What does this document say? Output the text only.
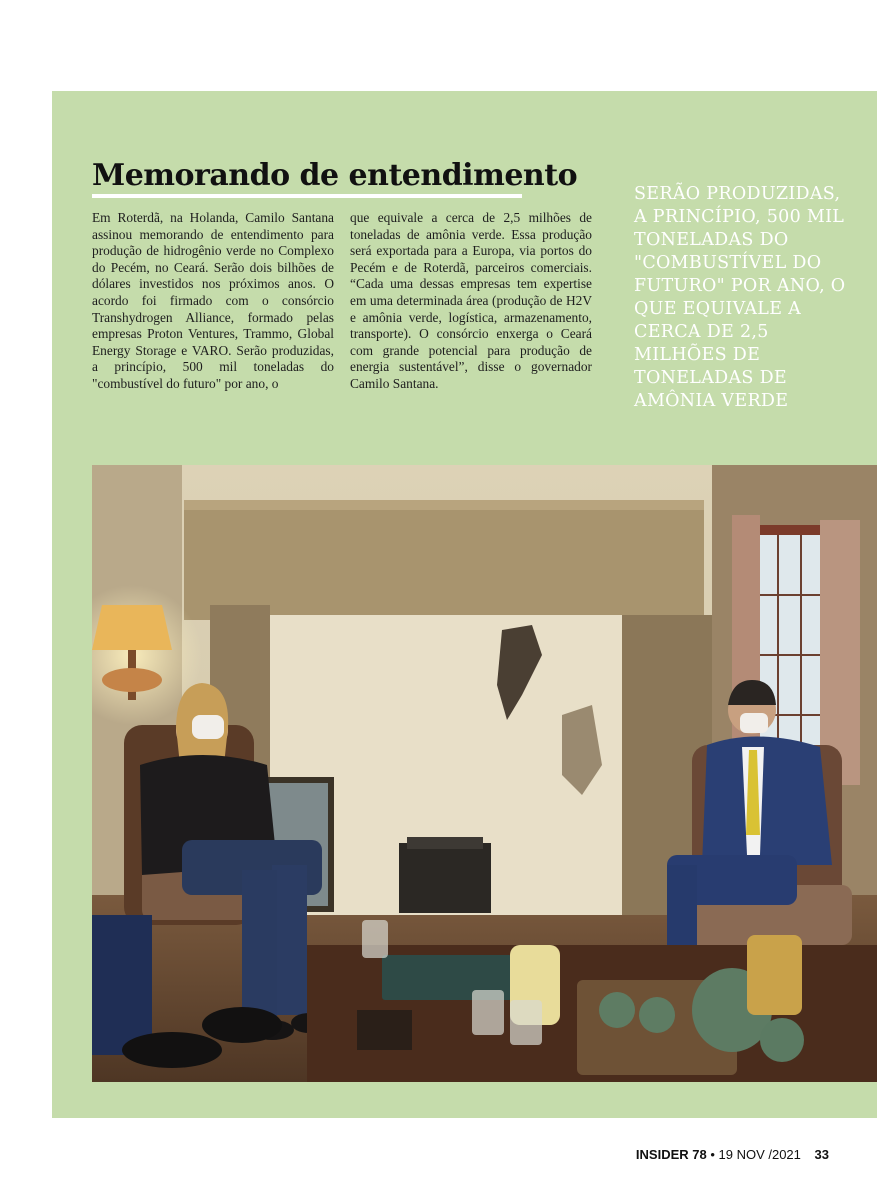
Memorando de entendimento

Em Roterdã, na Holanda, Camilo Santana assinou memorando de entendimento para produção de hidrogênio verde no Complexo do Pecém, no Ceará. Serão dois bilhões de dólares investidos nos próximos anos. O acordo foi firmado com o consórcio Transhydrogen Alliance, formado pelas empresas Proton Ventures, Trammo, Global Energy Storage e VARO. Serão produzidas, a princípio, 500 mil toneladas do "combustível do futuro" por ano, o

que equivale a cerca de 2,5 milhões de toneladas de amônia verde. Essa produção será exportada para a Europa, via portos do Pecém e de Roterdã, parceiros comerciais. “Cada uma dessas empresas tem expertise em uma determinada área (produção de H2V e amônia verde, logística, armazenamento, transporte). O consórcio enxerga o Ceará com grande potencial para produção de energia sustentável”, disse o governador Camilo Santana.

SERÃO PRODUZIDAS, A PRINCÍPIO, 500 MIL TONELADAS DO "COMBUSTÍVEL DO FUTURO" POR ANO, O QUE EQUIVALE A CERCA DE 2,5 MILHÕES DE TONELADAS DE AMÔNIA VERDE

INSIDER 78 • 19 NOV /2021 33
